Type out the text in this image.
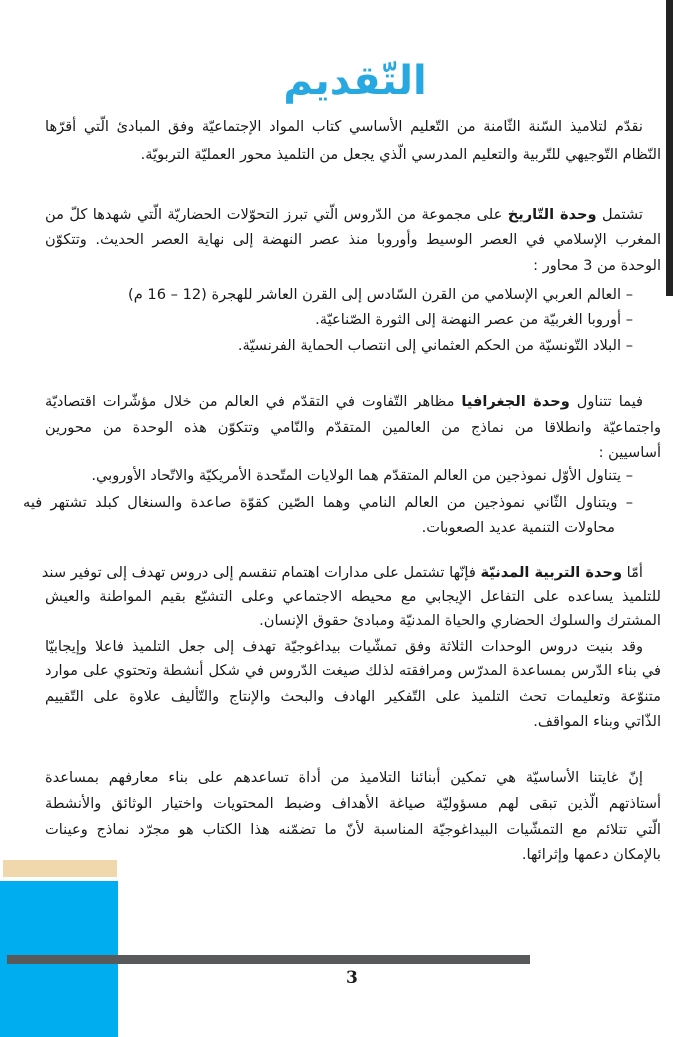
التّقديم
نقدّم لتلاميذ السّنة الثّامنة من التّعليم الأساسي كتاب المواد الإجتماعيّة وفق المبادئ الّتي أقرّها
النّظام التّوجيهي للتّربية والتعليم المدرسي الّذي يجعل من التلميذ محور العمليّة التربويّة.
تشتمل وحدة التّاريخ على مجموعة من الدّروس الّتي تبرز التحوّلات الحضاريّة الّتي شهدها كلّ من
المغرب الإسلامي في العصر الوسيط وأوروبا منذ عصر النهضة إلى نهاية العصر الحديث. وتتكوّن
الوحدة من 3 محاور :
– العالم العربي الإسلامي من القرن السّادس إلى القرن العاشر للهجرة (12 – 16 م)
– أوروبا الغربيّة من عصر النهضة إلى الثورة الصّناعيّة.
– البلاد التّونسيّة من الحكم العثماني إلى انتصاب الحماية الفرنسيّة.
فيما تتناول وحدة الجغرافيا مظاهر التّفاوت في التقدّم في العالم من خلال مؤشّرات اقتصاديّة
واجتماعيّة وانطلاقا من نماذج من العالمين المتقدّم والنّامي وتتكوّن هذه الوحدة من محورين
أساسيين :
– يتناول الأوّل نموذجين من العالم المتقدّم هما الولايات المتّحدة الأمريكيّة والاتّحاد الأوروبي.
– ويتناول الثّاني نموذجين من العالم النامي وهما الصّين كقوّة صاعدة والسنغال كبلد تشتهر فيه
محاولات التنمية عديد الصعوبات.
أمّا وحدة التربية المدنيّة فإنّها تشتمل على مدارات اهتمام تنقسم إلى دروس تهدف إلى توفير سند
للتلميذ يساعده على التفاعل الإيجابي مع محيطه الاجتماعي وعلى التشبّع بقيم المواطنة والعيش
المشترك والسلوك الحضاري والحياة المدنيّة ومبادئ حقوق الإنسان.
وقد بنيت دروس الوحدات الثلاثة وفق تمشّيات بيداغوجيّة تهدف إلى جعل التلميذ فاعلا وإيجابيّا
في بناء الدّرس بمساعدة المدرّس ومرافقته لذلك صيغت الدّروس في شكل أنشطة وتحتوي على موارد
متنوّعة وتعليمات تحث التلميذ على التّفكير الهادف والبحث والإنتاج والتّأليف علاوة على التّقييم
الذّاتي وبناء المواقف.
إنّ غايتنا الأساسيّة هي تمكين أبنائنا التلاميذ من أداة تساعدهم على بناء معارفهم بمساعدة
أستاذتهم الّذين تبقى لهم مسؤوليّة صياغة الأهداف وضبط المحتويات واختيار الوثائق والأنشطة
الّتي تتلائم مع التمشّيات البيداغوجيّة المناسبة لأنّ ما تضمّنه هذا الكتاب هو مجرّد نماذج وعينات
بالإمكان دعمها وإثرائها.
3
